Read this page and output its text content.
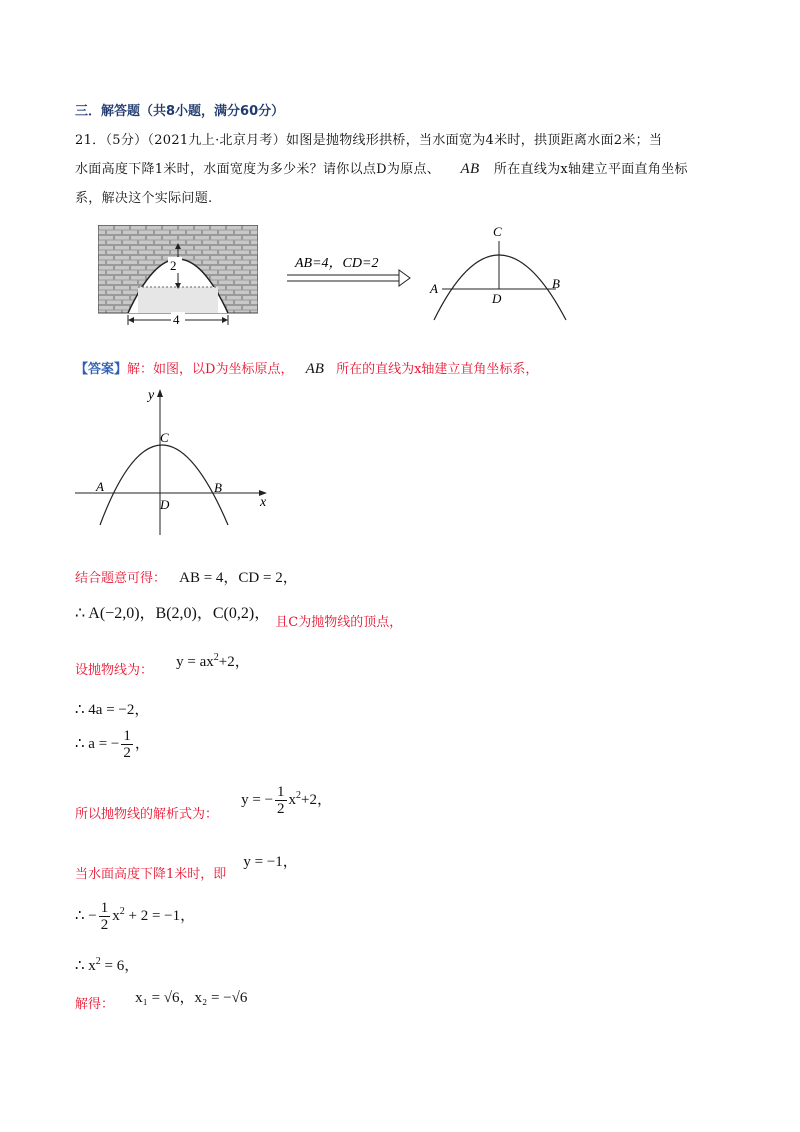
三．解答题（共8小题，满分60分）
21．（5分）（2021九上·北京月考）如图是抛物线形拱桥，当水面宽为4米时，拱顶距离水面2米；当
水面高度下降1米时，水面宽度为多少米？请你以点D为原点、 AB 所在直线为x轴建立平面直角坐标
系，解决这个实际问题.
2
4
AB=4，CD=2
C
A	B
D
【答案】解：如图，以D为坐标原点， AB 所在的直线为x轴建立直角坐标系，
y
x
C
A	B
D
结合题意可得： AB = 4，CD = 2，
∴ A(−2,0)，B(2,0)，C(0,2)， $_{且C为抛物线的顶点,}$
$_{设抛物线为:}$ $y = ax^2+2$，
∴ 4a = −2，
∴ a = − $\frac{1}{2}$ ，
$_{所以抛物线的解析式为:}$ y = − $\frac{1}{2} x^2+2$，
$_{当水面高度下降1米时,即}$ y = −1，
∴ − $\frac{1}{2} x^2 + 2 = -1$，
∴ $x^2 = 6$，
$_{解得:}$ x₁ = √6，x₂ = −√6
